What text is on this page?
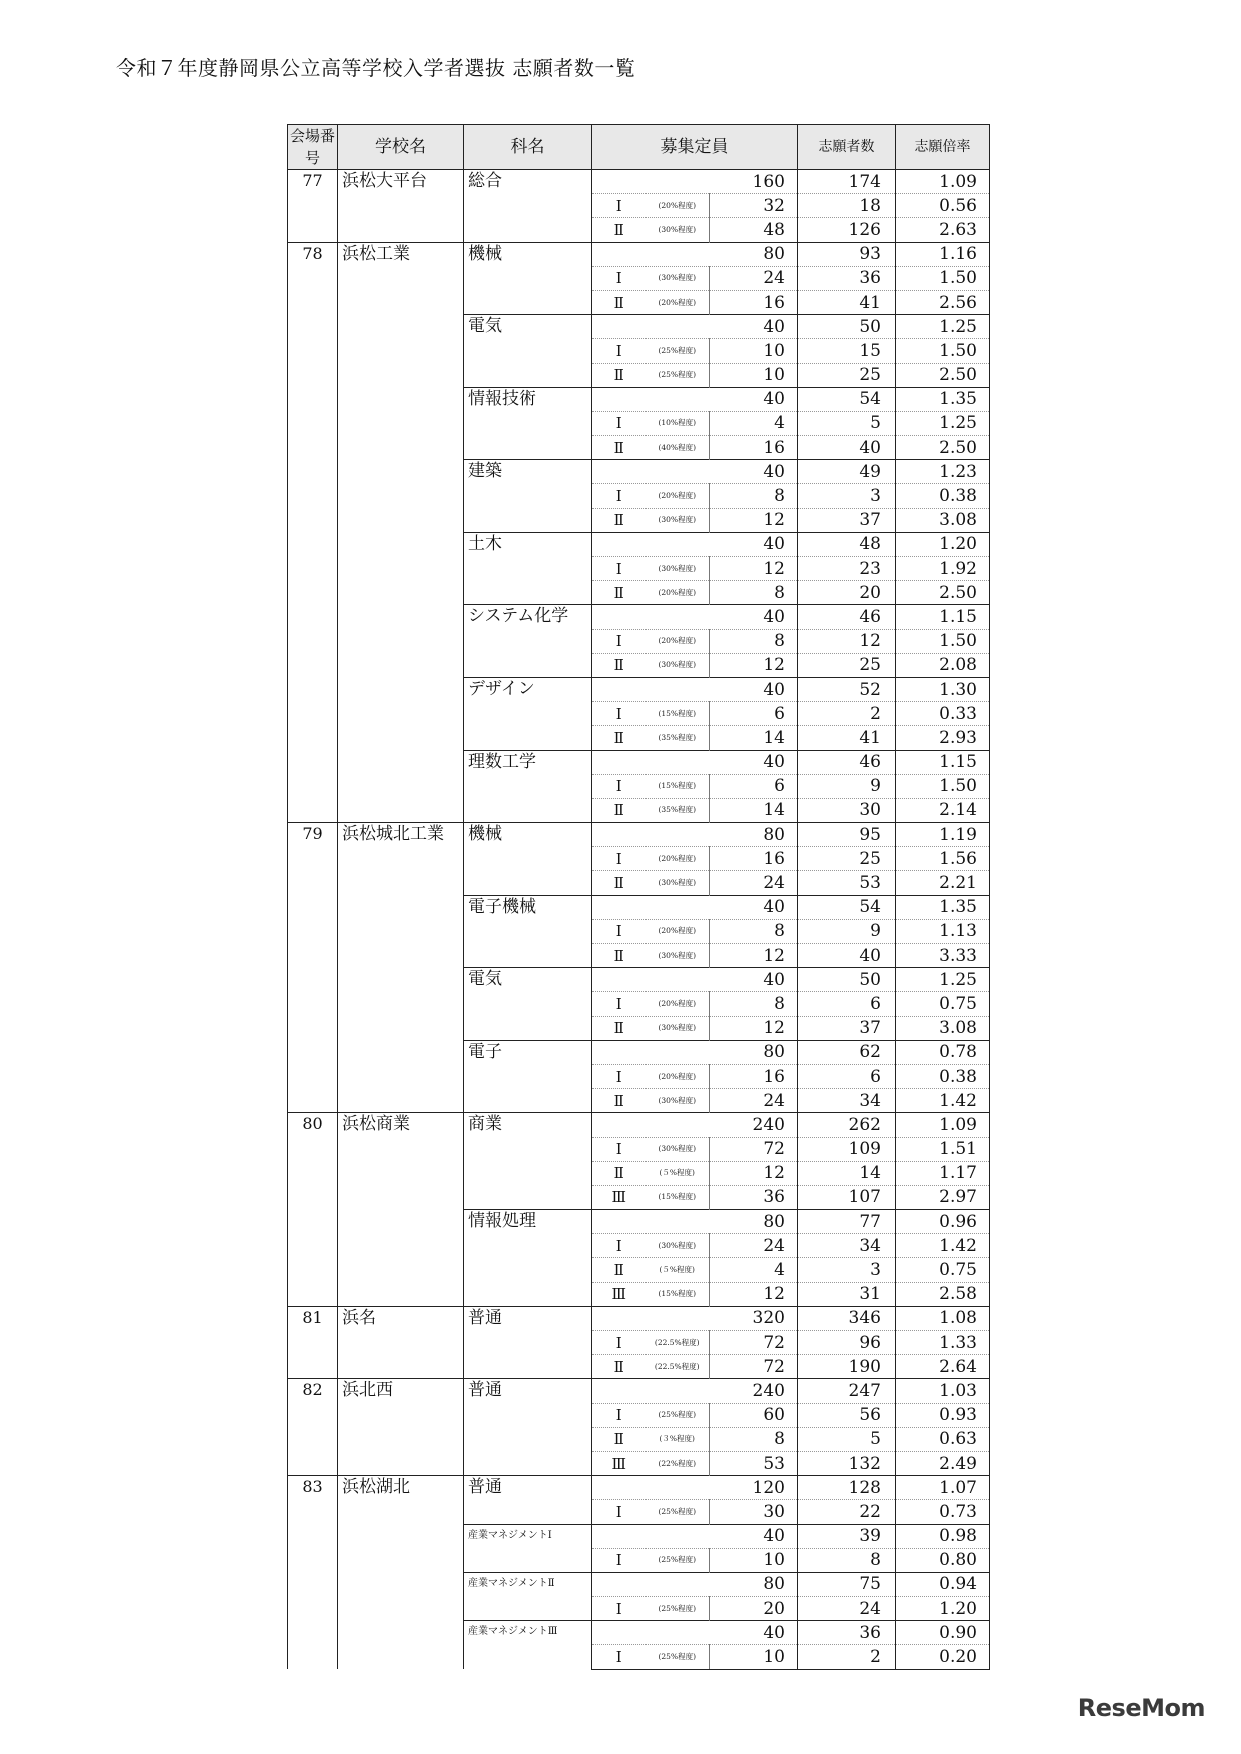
令和７年度静岡県公立高等学校入学者選抜 志願者数一覧
会場番号	学校名	科名	募集定員			志願者数	志願倍率
77	浜松大平台	総合	160			174	1.09
			Ⅰ	(20%程度)	32	18	0.56
			Ⅱ	(30%程度)	48	126	2.63
78	浜松工業	機械	80			93	1.16
			Ⅰ	(30%程度)	24	36	1.50
			Ⅱ	(20%程度)	16	41	2.56
		電気	40			50	1.25
			Ⅰ	(25%程度)	10	15	1.50
			Ⅱ	(25%程度)	10	25	2.50
		情報技術	40			54	1.35
			Ⅰ	(10%程度)	4	5	1.25
			Ⅱ	(40%程度)	16	40	2.50
		建築	40			49	1.23
			Ⅰ	(20%程度)	8	3	0.38
			Ⅱ	(30%程度)	12	37	3.08
		土木	40			48	1.20
			Ⅰ	(30%程度)	12	23	1.92
			Ⅱ	(20%程度)	8	20	2.50
		システム化学	40			46	1.15
			Ⅰ	(20%程度)	8	12	1.50
			Ⅱ	(30%程度)	12	25	2.08
		デザイン	40			52	1.30
			Ⅰ	(15%程度)	6	2	0.33
			Ⅱ	(35%程度)	14	41	2.93
		理数工学	40			46	1.15
			Ⅰ	(15%程度)	6	9	1.50
			Ⅱ	(35%程度)	14	30	2.14
79	浜松城北工業	機械	80			95	1.19
			Ⅰ	(20%程度)	16	25	1.56
			Ⅱ	(30%程度)	24	53	2.21
		電子機械	40			54	1.35
			Ⅰ	(20%程度)	8	9	1.13
			Ⅱ	(30%程度)	12	40	3.33
		電気	40			50	1.25
			Ⅰ	(20%程度)	8	6	0.75
			Ⅱ	(30%程度)	12	37	3.08
		電子	80			62	0.78
			Ⅰ	(20%程度)	16	6	0.38
			Ⅱ	(30%程度)	24	34	1.42
80	浜松商業	商業	240			262	1.09
			Ⅰ	(30%程度)	72	109	1.51
			Ⅱ	(５%程度)	12	14	1.17
			Ⅲ	(15%程度)	36	107	2.97
		情報処理	80			77	0.96
			Ⅰ	(30%程度)	24	34	1.42
			Ⅱ	(５%程度)	4	3	0.75
			Ⅲ	(15%程度)	12	31	2.58
81	浜名	普通	320			346	1.08
			Ⅰ	(22.5%程度)	72	96	1.33
			Ⅱ	(22.5%程度)	72	190	2.64
82	浜北西	普通	240			247	1.03
			Ⅰ	(25%程度)	60	56	0.93
			Ⅱ	(３%程度)	8	5	0.63
			Ⅲ	(22%程度)	53	132	2.49
83	浜松湖北	普通	120			128	1.07
			Ⅰ	(25%程度)	30	22	0.73
		産業マネジメントⅠ	40			39	0.98
			Ⅰ	(25%程度)	10	8	0.80
		産業マネジメントⅡ	80			75	0.94
			Ⅰ	(25%程度)	20	24	1.20
		産業マネジメントⅢ	40			36	0.90
			Ⅰ	(25%程度)	10	2	0.20
ReseMom
